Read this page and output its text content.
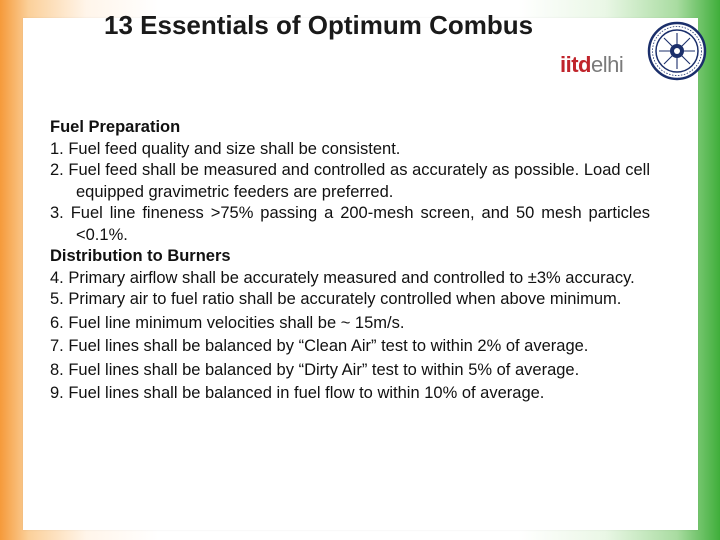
13 Essentials of Optimum Combus
iitdelhi
Fuel Preparation
1. Fuel feed quality and size shall be consistent.
2. Fuel feed shall be measured and controlled as accurately as possible. Load cell equipped gravimetric feeders are preferred.
3. Fuel line fineness >75% passing a 200-mesh screen, and 50 mesh particles <0.1%.
Distribution to Burners
4. Primary airflow shall be accurately measured and controlled to ±3% accuracy.
5. Primary air to fuel ratio shall be accurately controlled when above minimum.
6. Fuel line minimum velocities shall be ~ 15m/s.
7. Fuel lines shall be balanced by “Clean Air” test to within 2% of average.
8. Fuel lines shall be balanced by “Dirty Air” test to within 5% of average.
9. Fuel lines shall be balanced in fuel flow to within 10% of average.
